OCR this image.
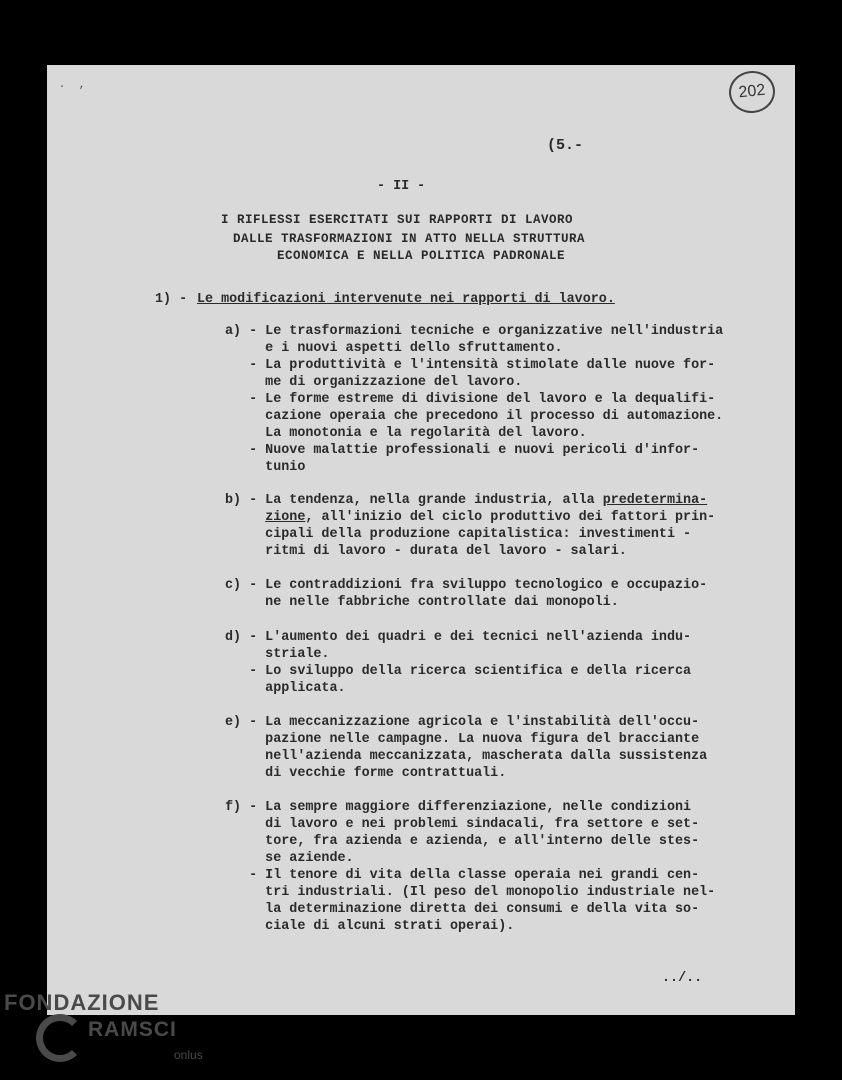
. ,	202
(5.-
- II -
I RIFLESSI ESERCITATI SUI RAPPORTI DI LAVORO
DALLE TRASFORMAZIONI IN ATTO NELLA STRUTTURA
ECONOMICA E NELLA POLITICA PADRONALE
1) - Le modificazioni intervenute nei rapporti di lavoro.
a) - Le trasformazioni tecniche e organizzative nell'industria
e i nuovi aspetti dello sfruttamento.
- La produttività e l'intensità stimolate dalle nuove for-
me di organizzazione del lavoro.
- Le forme estreme di divisione del lavoro e la dequalifi-
cazione operaia che precedono il processo di automazione.
La monotonia e la regolarità del lavoro.
- Nuove malattie professionali e nuovi pericoli d'infor-
tunio
b) - La tendenza, nella grande industria, alla predetermina-
zione, all'inizio del ciclo produttivo dei fattori prin-
cipali della produzione capitalistica: investimenti -
ritmi di lavoro - durata del lavoro - salari.
c) - Le contraddizioni fra sviluppo tecnologico e occupazio-
ne nelle fabbriche controllate dai monopoli.
d) - L'aumento dei quadri e dei tecnici nell'azienda indu-
striale.
- Lo sviluppo della ricerca scientifica e della ricerca
applicata.
e) - La meccanizzazione agricola e l'instabilità dell'occu-
pazione nelle campagne. La nuova figura del bracciante
nell'azienda meccanizzata, mascherata dalla sussistenza
di vecchie forme contrattuali.
f) - La sempre maggiore differenziazione, nelle condizioni
di lavoro e nei problemi sindacali, fra settore e set-
tore, fra azienda e azienda, e all'interno delle stes-
se aziende.
- Il tenore di vita della classe operaia nei grandi cen-
tri industriali. (Il peso del monopolio industriale nel-
la determinazione diretta dei consumi e della vita so-
ciale di alcuni strati operai).
../..
FONDAZIONE
RAMSCI
onlus
